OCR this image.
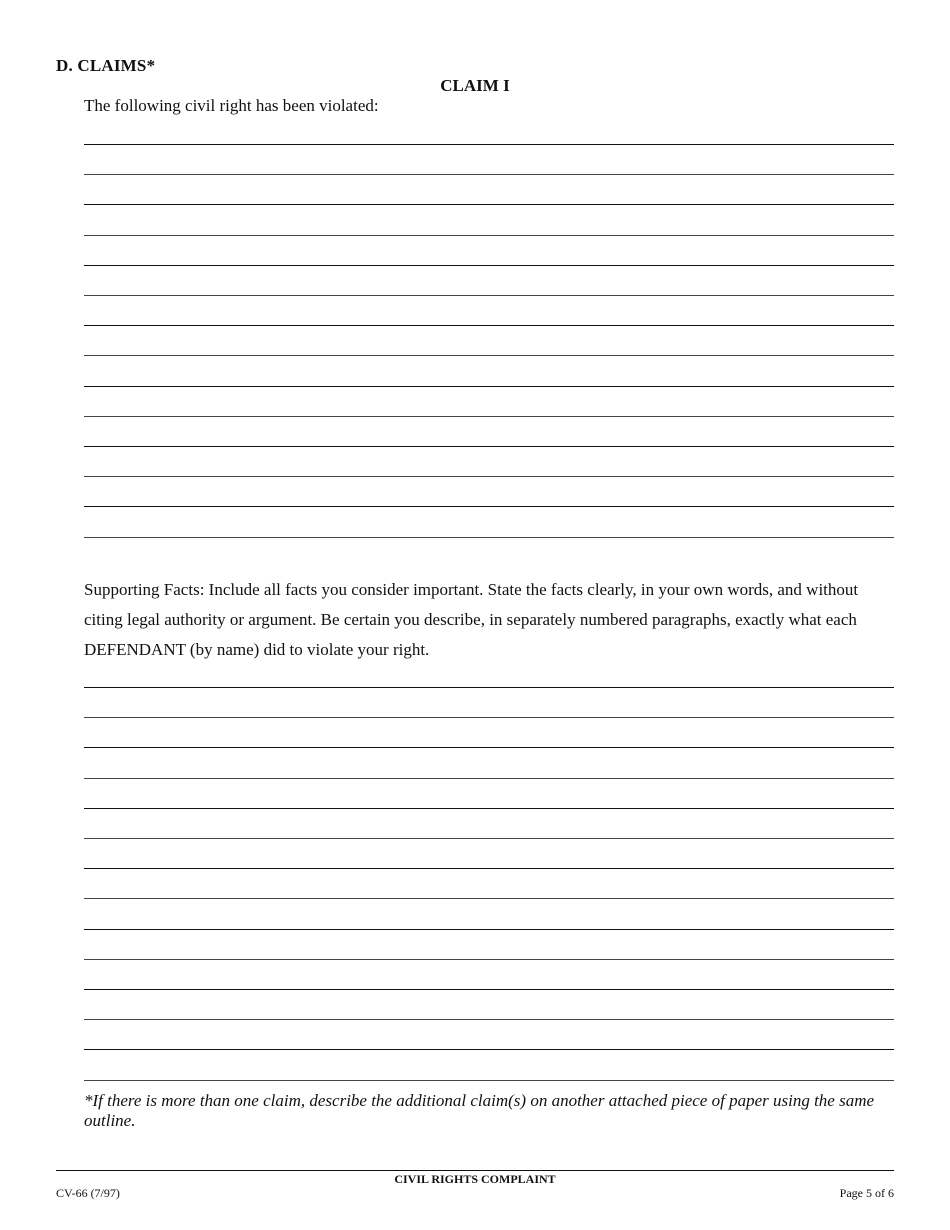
D. CLAIMS*
CLAIM I
The following civil right has been violated:
Supporting Facts: Include all facts you consider important. State the facts clearly, in your own words, and without citing legal authority or argument. Be certain you describe, in separately numbered paragraphs, exactly what each DEFENDANT (by name) did to violate your right.
*If there is more than one claim, describe the additional claim(s) on another attached piece of paper using the same outline.
CIVIL RIGHTS COMPLAINT
CV-66 (7/97)	Page 5 of 6
